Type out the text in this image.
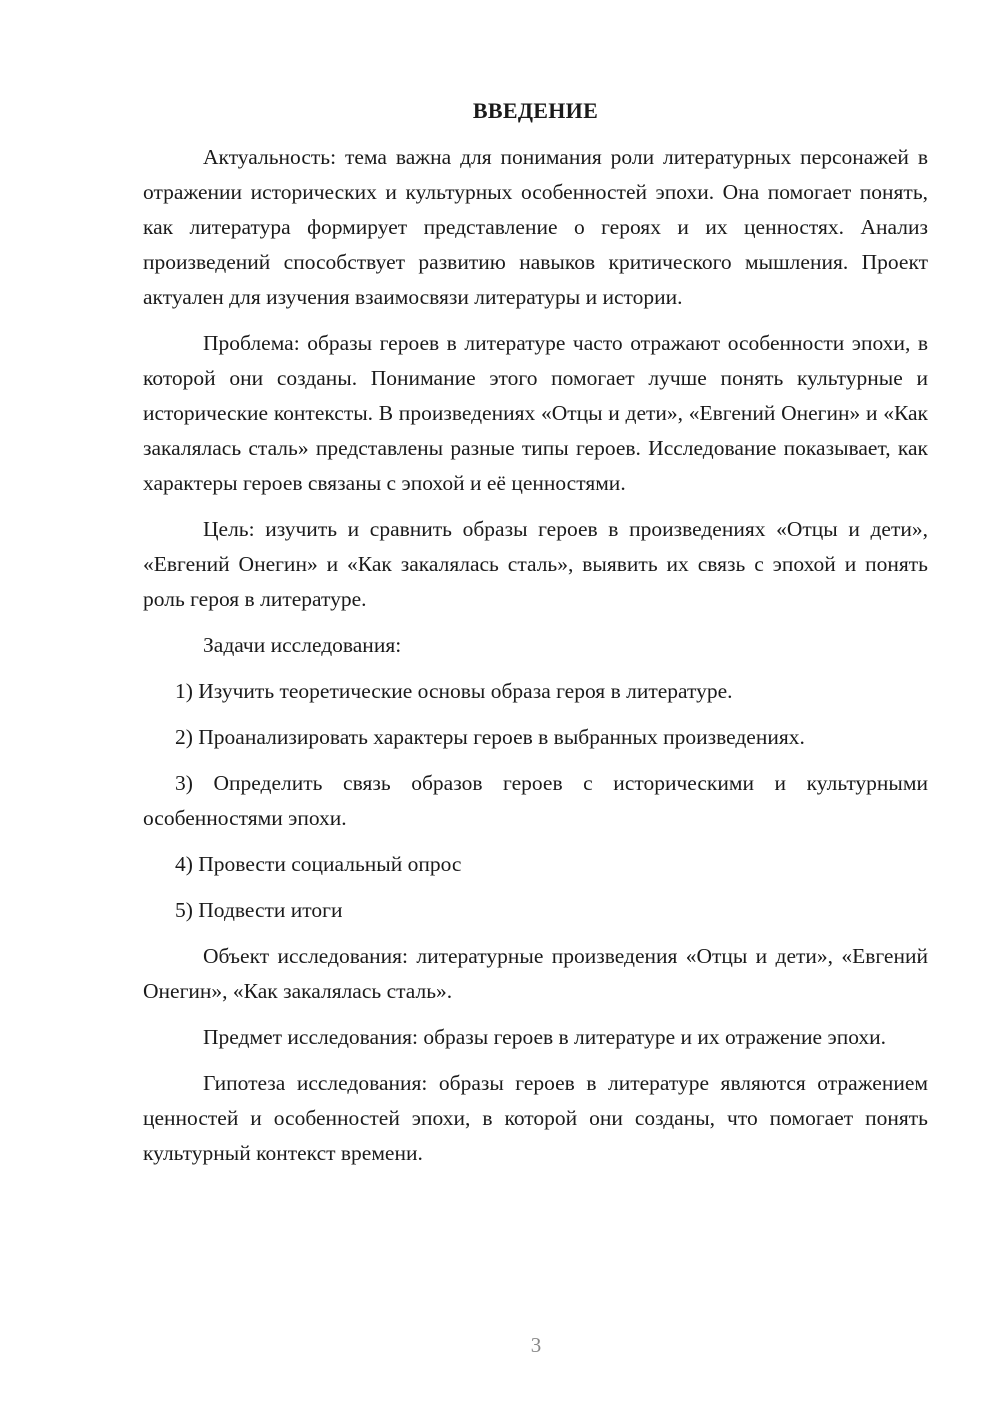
ВВЕДЕНИЕ

Актуальность: тема важна для понимания роли литературных персонажей в отражении исторических и культурных особенностей эпохи. Она помогает понять, как литература формирует представление о героях и их ценностях. Анализ произведений способствует развитию навыков критического мышления. Проект актуален для изучения взаимосвязи литературы и истории.

Проблема: образы героев в литературе часто отражают особенности эпохи, в которой они созданы. Понимание этого помогает лучше понять культурные и исторические контексты. В произведениях «Отцы и дети», «Евгений Онегин» и «Как закалялась сталь» представлены разные типы героев. Исследование показывает, как характеры героев связаны с эпохой и её ценностями.

Цель: изучить и сравнить образы героев в произведениях «Отцы и дети», «Евгений Онегин» и «Как закалялась сталь», выявить их связь с эпохой и понять роль героя в литературе.

Задачи исследования:

1) Изучить теоретические основы образа героя в литературе.

2) Проанализировать характеры героев в выбранных произведениях.

3) Определить связь образов героев с историческими и культурными особенностями эпохи.

4) Провести социальный опрос

5) Подвести итоги

Объект исследования: литературные произведения «Отцы и дети», «Евгений Онегин», «Как закалялась сталь».

Предмет исследования: образы героев в литературе и их отражение эпохи.

Гипотеза исследования: образы героев в литературе являются отражением ценностей и особенностей эпохи, в которой они созданы, что помогает понять культурный контекст времени.

3
